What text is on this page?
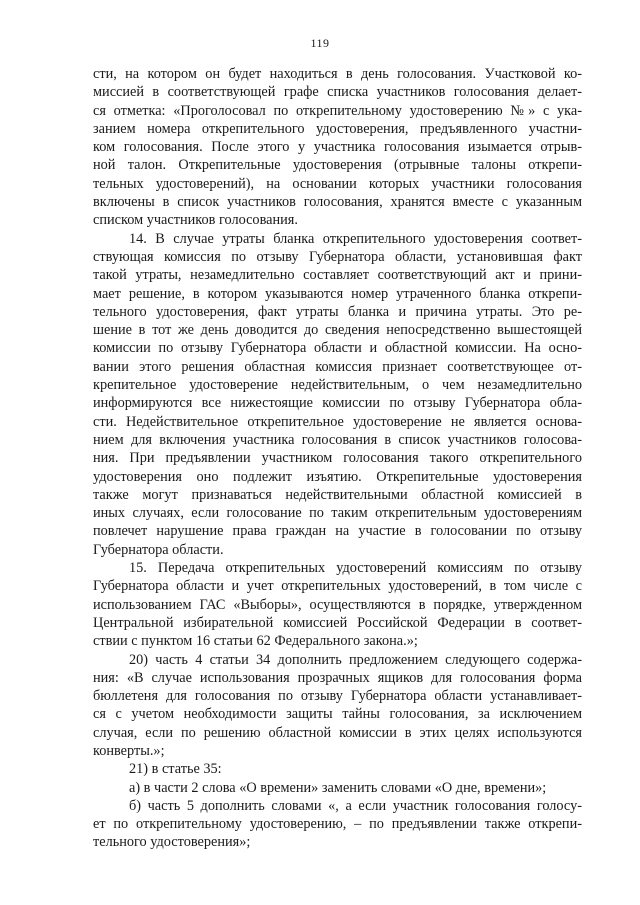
119
сти, на котором он будет находиться в день голосования. Участковой ко-
миссией в соответствующей графе списка участников голосования делает-
ся отметка: «Проголосовал по открепительному удостоверению №» с ука-
занием номера открепительного удостоверения, предъявленного участни-
ком голосования. После этого у участника голосования изымается отрыв-
ной талон. Открепительные удостоверения (отрывные талоны открепи-
тельных удостоверений), на основании которых участники голосования
включены в список участников голосования, хранятся вместе с указанным
списком участников голосования.
14. В случае утраты бланка открепительного удостоверения соответ-
ствующая комиссия по отзыву Губернатора области, установившая факт
такой утраты, незамедлительно составляет соответствующий акт и прини-
мает решение, в котором указываются номер утраченного бланка открепи-
тельного удостоверения, факт утраты бланка и причина утраты. Это ре-
шение в тот же день доводится до сведения непосредственно вышестоящей
комиссии по отзыву Губернатора области и областной комиссии. На осно-
вании этого решения областная комиссия признает соответствующее от-
крепительное удостоверение недействительным, о чем незамедлительно
информируются все нижестоящие комиссии по отзыву Губернатора обла-
сти. Недействительное открепительное удостоверение не является основа-
нием для включения участника голосования в список участников голосова-
ния. При предъявлении участником голосования такого открепительного
удостоверения оно подлежит изъятию. Открепительные удостоверения
также могут признаваться недействительными областной комиссией в
иных случаях, если голосование по таким открепительным удостоверениям
повлечет нарушение права граждан на участие в голосовании по отзыву
Губернатора области.
15. Передача открепительных удостоверений комиссиям по отзыву
Губернатора области и учет открепительных удостоверений, в том числе с
использованием ГАС «Выборы», осуществляются в порядке, утвержденном
Центральной избирательной комиссией Российской Федерации в соответ-
ствии с пунктом 16 статьи 62 Федерального закона.»;
20) часть 4 статьи 34 дополнить предложением следующего содержа-
ния: «В случае использования прозрачных ящиков для голосования форма
бюллетеня для голосования по отзыву Губернатора области устанавливает-
ся с учетом необходимости защиты тайны голосования, за исключением
случая, если по решению областной комиссии в этих целях используются
конверты.»;
21) в статье 35:
а) в части 2 слова «О времени» заменить словами «О дне, времени»;
б) часть 5 дополнить словами «, а если участник голосования голосу-
ет по открепительному удостоверению, – по предъявлении также открепи-
тельного удостоверения»;
